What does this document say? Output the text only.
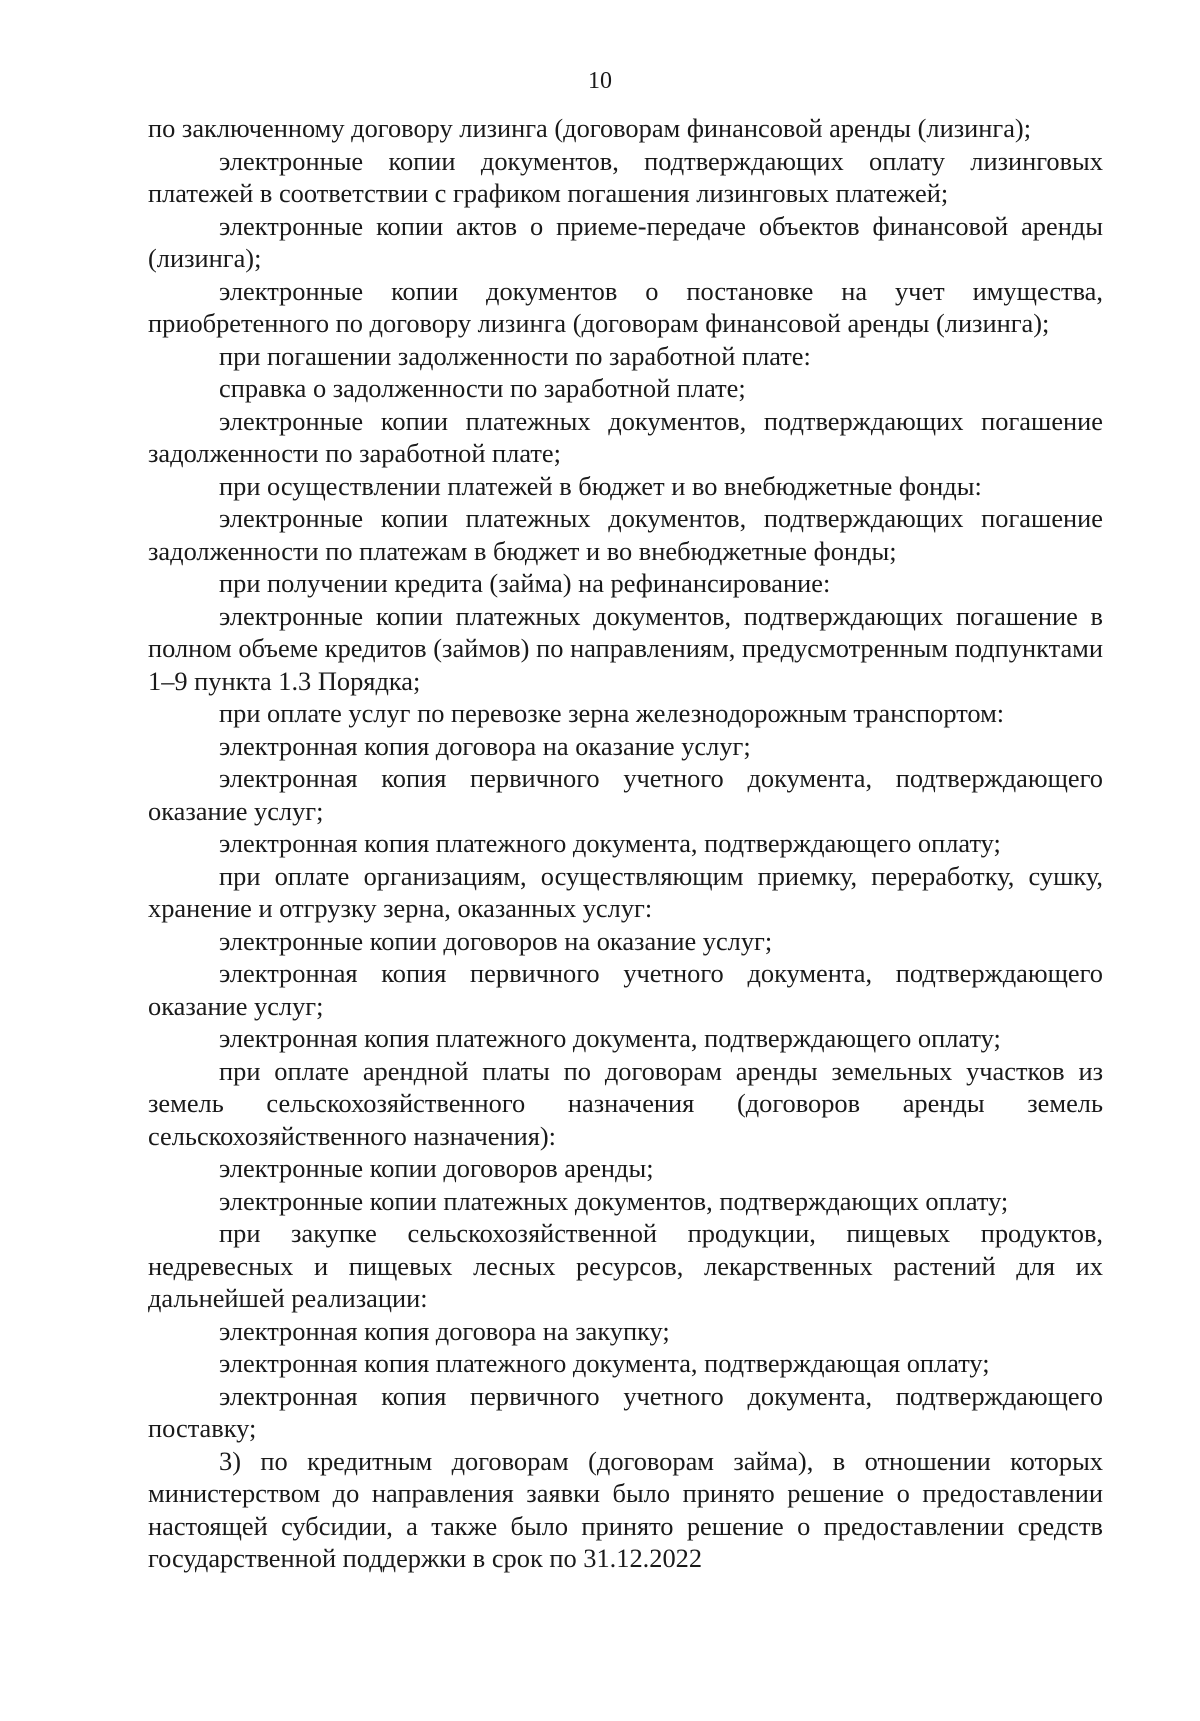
10

по заключенному договору лизинга (договорам финансовой аренды (лизинга);

электронные копии документов, подтверждающих оплату лизинговых платежей в соответствии с графиком погашения лизинговых платежей;

электронные копии актов о приеме-передаче объектов финансовой аренды (лизинга);

электронные копии документов о постановке на учет имущества, приобретенного по договору лизинга (договорам финансовой аренды (лизинга);

при погашении задолженности по заработной плате:

справка о задолженности по заработной плате;

электронные копии платежных документов, подтверждающих погашение задолженности по заработной плате;

при осуществлении платежей в бюджет и во внебюджетные фонды:

электронные копии платежных документов, подтверждающих погашение задолженности по платежам в бюджет и во внебюджетные фонды;

при получении кредита (займа) на рефинансирование:

электронные копии платежных документов, подтверждающих погашение в полном объеме кредитов (займов) по направлениям, предусмотренным подпунктами 1–9 пункта 1.3 Порядка;

при оплате услуг по перевозке зерна железнодорожным транспортом:

электронная копия договора на оказание услуг;

электронная копия первичного учетного документа, подтверждающего оказание услуг;

электронная копия платежного документа, подтверждающего оплату;

при оплате организациям, осуществляющим приемку, переработку, сушку, хранение и отгрузку зерна, оказанных услуг:

электронные копии договоров на оказание услуг;

электронная копия первичного учетного документа, подтверждающего оказание услуг;

электронная копия платежного документа, подтверждающего оплату;

при оплате арендной платы по договорам аренды земельных участков из земель сельскохозяйственного назначения (договоров аренды земель сельскохозяйственного назначения):

электронные копии договоров аренды;

электронные копии платежных документов, подтверждающих оплату;

при закупке сельскохозяйственной продукции, пищевых продуктов, недревесных и пищевых лесных ресурсов, лекарственных растений для их дальнейшей реализации:

электронная копия договора на закупку;

электронная копия платежного документа, подтверждающая оплату;

электронная копия первичного учетного документа, подтверждающего поставку;

3) по кредитным договорам (договорам займа), в отношении которых министерством до направления заявки было принято решение о предоставлении настоящей субсидии, а также было принято решение о предоставлении средств государственной поддержки в срок по 31.12.2022
